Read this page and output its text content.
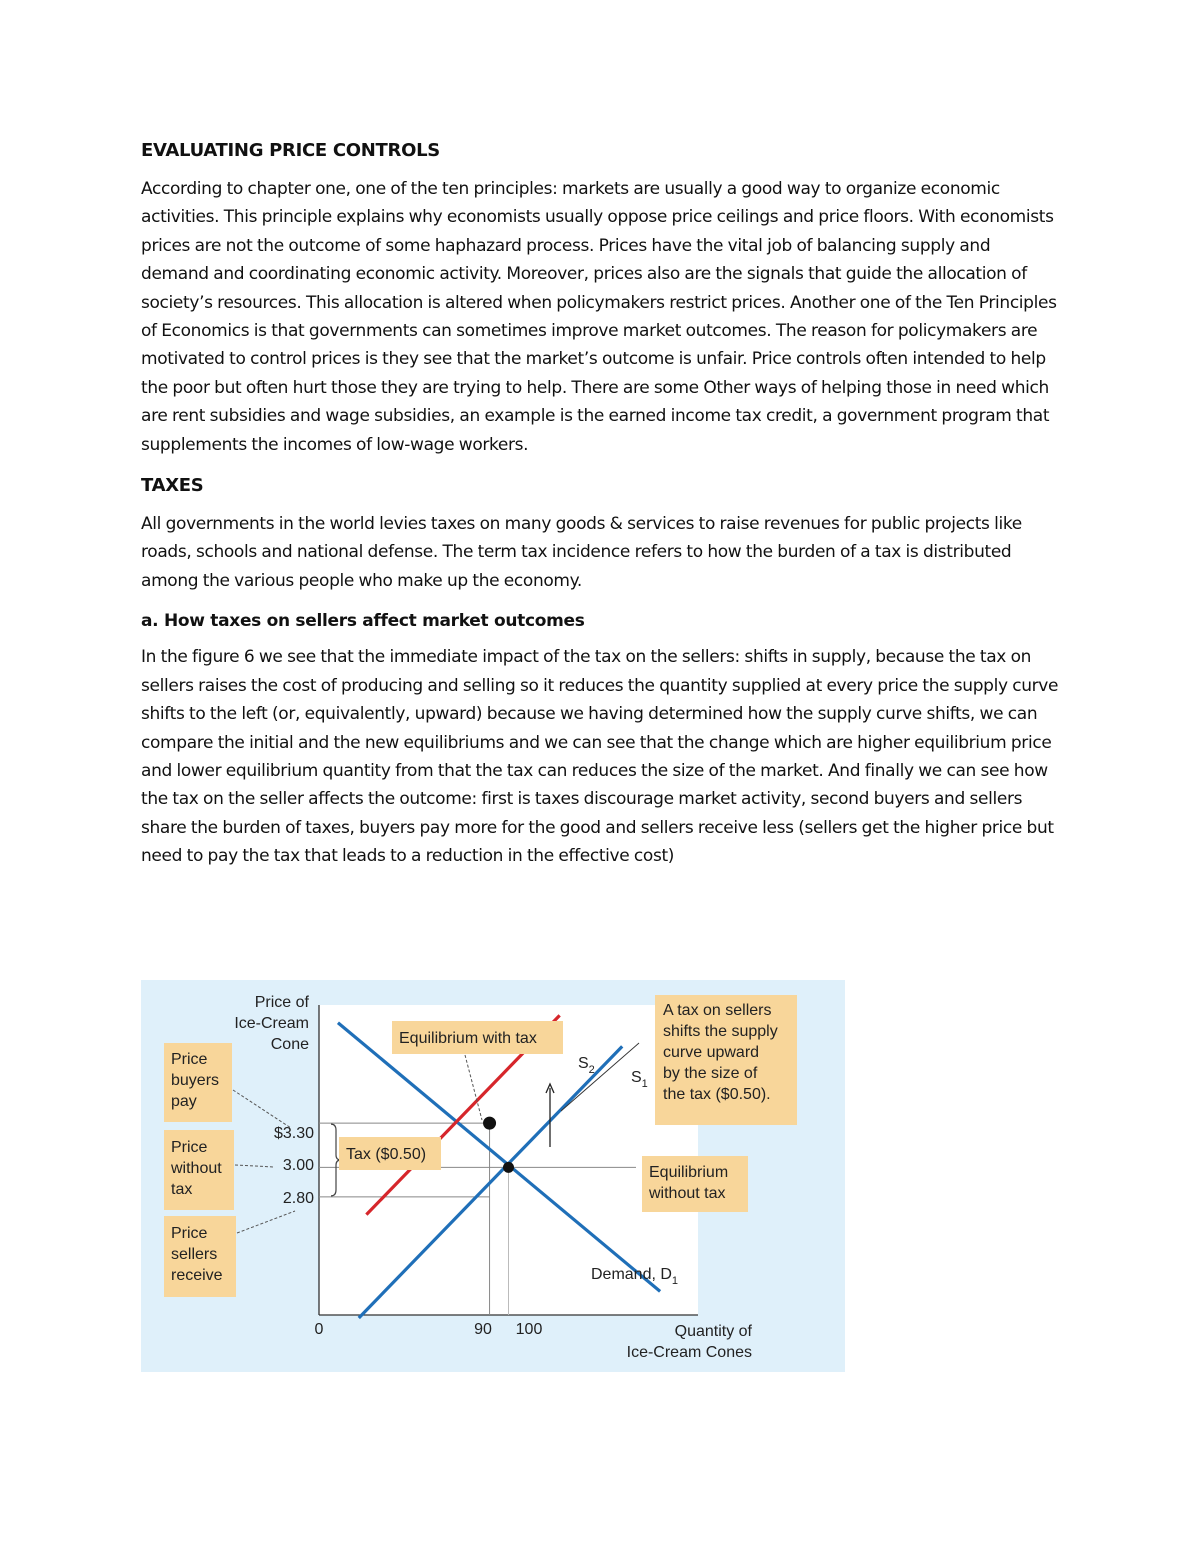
EVALUATING PRICE CONTROLS

According to chapter one, one of the ten principles: markets are usually a good way to organize economic activities. This principle explains why economists usually oppose price ceilings and price floors. With economists prices are not the outcome of some haphazard process. Prices have the vital job of balancing supply and demand and coordinating economic activity. Moreover, prices also are the signals that guide the allocation of society’s resources. This allocation is altered when policymakers restrict prices. Another one of the Ten Principles of Economics is that governments can sometimes improve market outcomes. The reason for policymakers are motivated to control prices is they see that the market’s outcome is unfair. Price controls often intended to help the poor but often hurt those they are trying to help. There are some Other ways of helping those in need which are rent subsidies and wage subsidies, an example is the earned income tax credit, a government program that supplements the incomes of low-wage workers.

TAXES

All governments in the world levies taxes on many goods & services to raise revenues for public projects like roads, schools and national defense. The term tax incidence refers to how the burden of a tax is distributed among the various people who make up the economy.

a. How taxes on sellers affect market outcomes

In the figure 6 we see that the immediate impact of the tax on the sellers: shifts in supply, because the tax on sellers raises the cost of producing and selling so it reduces the quantity supplied at every price the supply curve shifts to the left (or, equivalently, upward) because we having determined how the supply curve shifts, we can compare the initial and the new equilibriums and we can see that the change which are higher equilibrium price and lower equilibrium quantity from that the tax can reduces the size of the market. And finally we can see how the tax on the seller affects the outcome: first is taxes discourage market activity, second buyers and sellers share the burden of taxes, buyers pay more for the good and sellers receive less (sellers get the higher price but need to pay the tax that leads to a reduction in the effective cost)

Price of
Ice-Cream
Cone
$3.30
3.00
2.80
0	90 100	Quantity of
Ice-Cream Cones
$S_2$ $S_1$
Demand, $D_1$
Price
buyers
pay
Price
without
tax
Price
sellers
receive
Equilibrium with tax
Tax ($0.50)
A tax on sellers
shifts the supply
curve upward
by the size of
the tax ($0.50).
Equilibrium
without tax
